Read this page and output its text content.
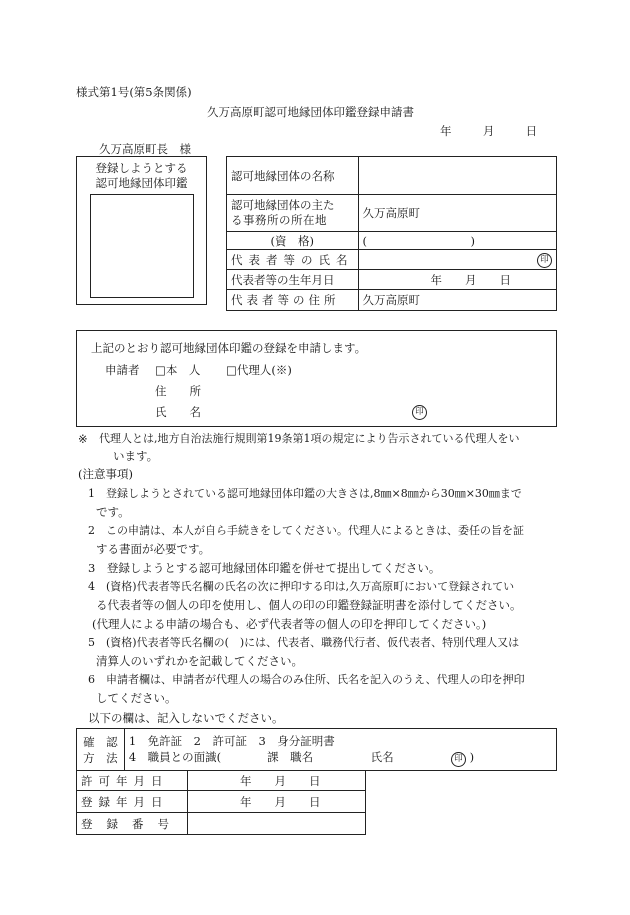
様式第1号(第5条関係)
久万高原町認可地縁団体印鑑登録申請書
年	月	日
久万高原町長　様
登録しようとする
認可地縁団体印鑑
認可地縁団体の名称	

認可地縁団体の主た
る事務所の所在地	久万高原町
(資　格)	(　　　　　　　　　)
代表者等の氏名	印
代表者等の生年月日	年　　月　　日
代表者等の住所	久万高原町
上記のとおり認可地縁団体印鑑の登録を申請します。
申請者 □本　人 □代理人(※)
住　　所
氏　　名	印
※ 代理人とは,地方自治法施行規則第19条第1項の規定により告示されている代理人をい
います。
(注意事項)
1　登録しようとされている認可地縁団体印鑑の大きさは,8㎜×8㎜から30㎜×30㎜まで
です。
2　この申請は、本人が自ら手続きをしてください。代理人によるときは、委任の旨を証
する書面が必要です。
3　登録しようとする認可地縁団体印鑑を併せて提出してください。
4　(資格)代表者等氏名欄の氏名の次に押印する印は,久万高原町において登録されてい
る代表者等の個人の印を使用し、個人の印の印鑑登録証明書を添付してください。
(代理人による申請の場合も、必ず代表者等の個人の印を押印してください。)
5　(資格)代表者等氏名欄の(　)には、代表者、職務代行者、仮代表者、特別代理人又は
清算人のいずれかを記載してください。
6　申請者欄は、申請者が代理人の場合のみ住所、氏名を記入のうえ、代理人の印を押印
してください。
以下の欄は、記入しないでください。
確　認
方　法

1　免許証　2　許可証　3　身分証明書
4　職員との面識(　　　　課　職名　　　　　氏名	印 )
許可年月日	年　　月　　日
登録年月日	年　　月　　日
登録番号	
